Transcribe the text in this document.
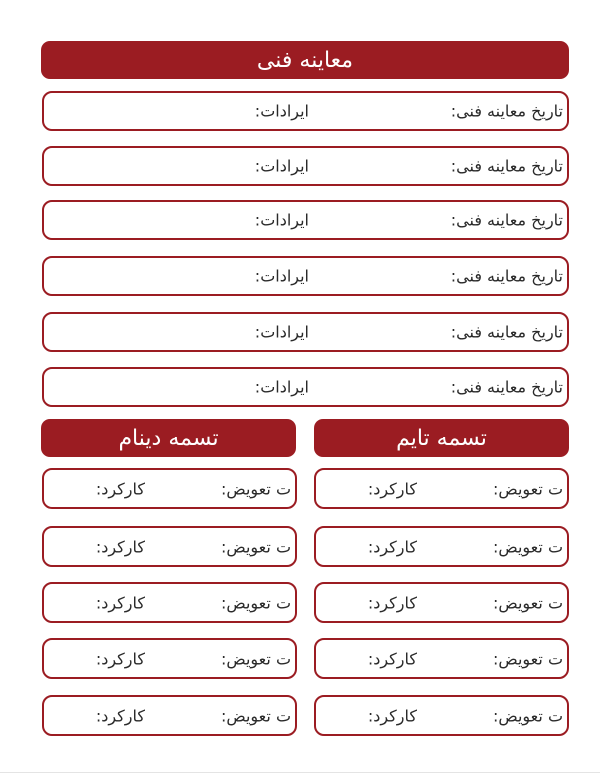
معاینه فنی
تاریخ معاینه فنی:
ایرادات:
تاریخ معاینه فنی:
ایرادات:
تاریخ معاینه فنی:
ایرادات:
تاریخ معاینه فنی:
ایرادات:
تاریخ معاینه فنی:
ایرادات:
تاریخ معاینه فنی:
ایرادات:
تسمه تایم
ت تعویض:
کارکرد:
ت تعویض:
کارکرد:
ت تعویض:
کارکرد:
ت تعویض:
کارکرد:
ت تعویض:
کارکرد:
تسمه دینام
ت تعویض:
کارکرد:
ت تعویض:
کارکرد:
ت تعویض:
کارکرد:
ت تعویض:
کارکرد:
ت تعویض:
کارکرد:
